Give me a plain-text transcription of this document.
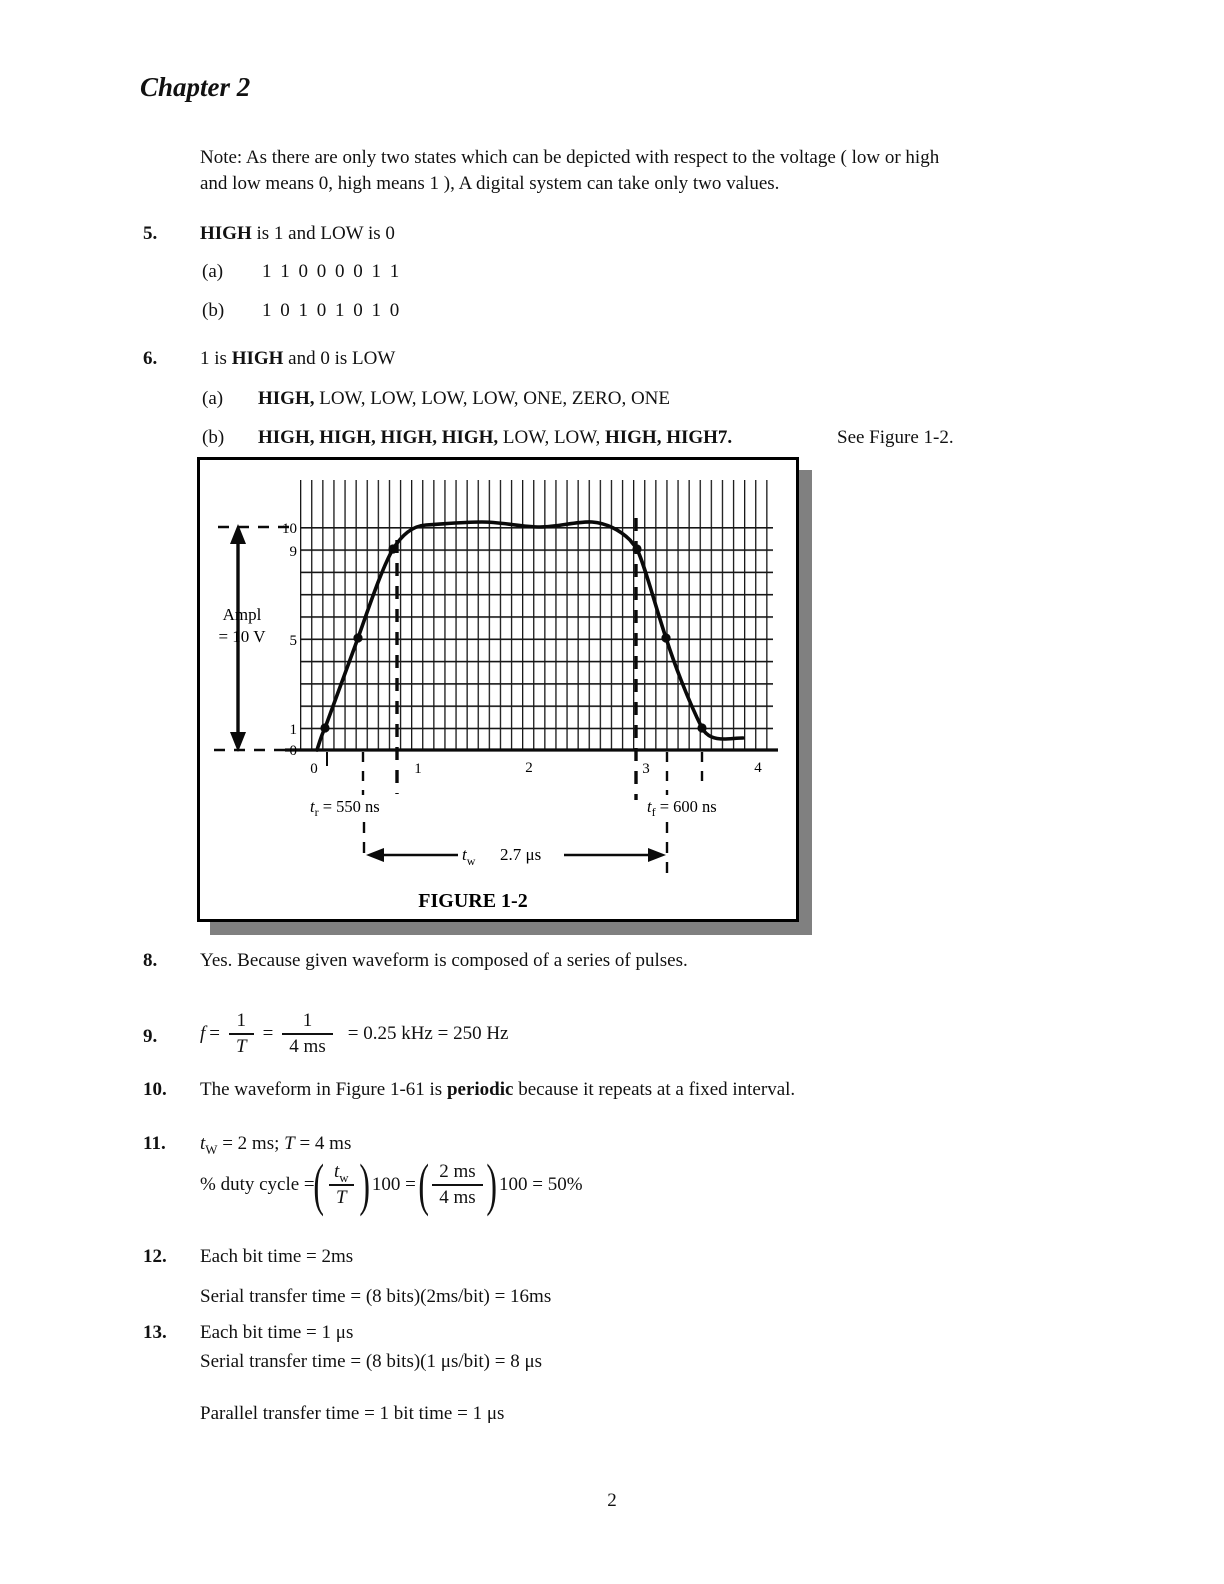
Chapter 2
Note: As there are only two states which can be depicted with respect to the voltage ( low or high
and low means 0, high means 1 ), A digital system can take only two values.
5. HIGH is 1 and LOW is 0
(a) 1 1 0 0 0 0 1 1
(b) 1 0 1 0 1 0 1 0
6. 1 is HIGH and 0 is LOW
(a) HIGH, LOW, LOW, LOW, LOW, ONE, ZERO, ONE
(b) HIGH, HIGH, HIGH, HIGH, LOW, LOW, HIGH, HIGH7.	See Figure 1-2.
Ampl
= 10 V
10
9
5
1
0
0	1	2	3	4
$t_r = 550$ ns	$t_f = 600$ ns
$t_w$ 2.7 μs
FIGURE 1-2
8. Yes. Because given waveform is composed of a series of pulses.
9. $f = \frac{1}{T} = \frac{1}{4 ms} = 0.25$ kHz = 250 Hz
10. The waveform in Figure 1-61 is periodic because it repeats at a fixed interval.
11. $t_W = 2$ ms; T = 4 ms
% duty cycle =
( $\frac{t_w}{T}$ ) 100 = ( $\frac{2 ms}{4 ms}$ ) 100 = 50%
12. Each bit time = 2ms
Serial transfer time = (8 bits)(2ms/bit) = 16ms
13. Each bit time = 1 μs
Serial transfer time = (8 bits)(1 μs/bit) = 8 μs
Parallel transfer time = 1 bit time = 1 μs
2
